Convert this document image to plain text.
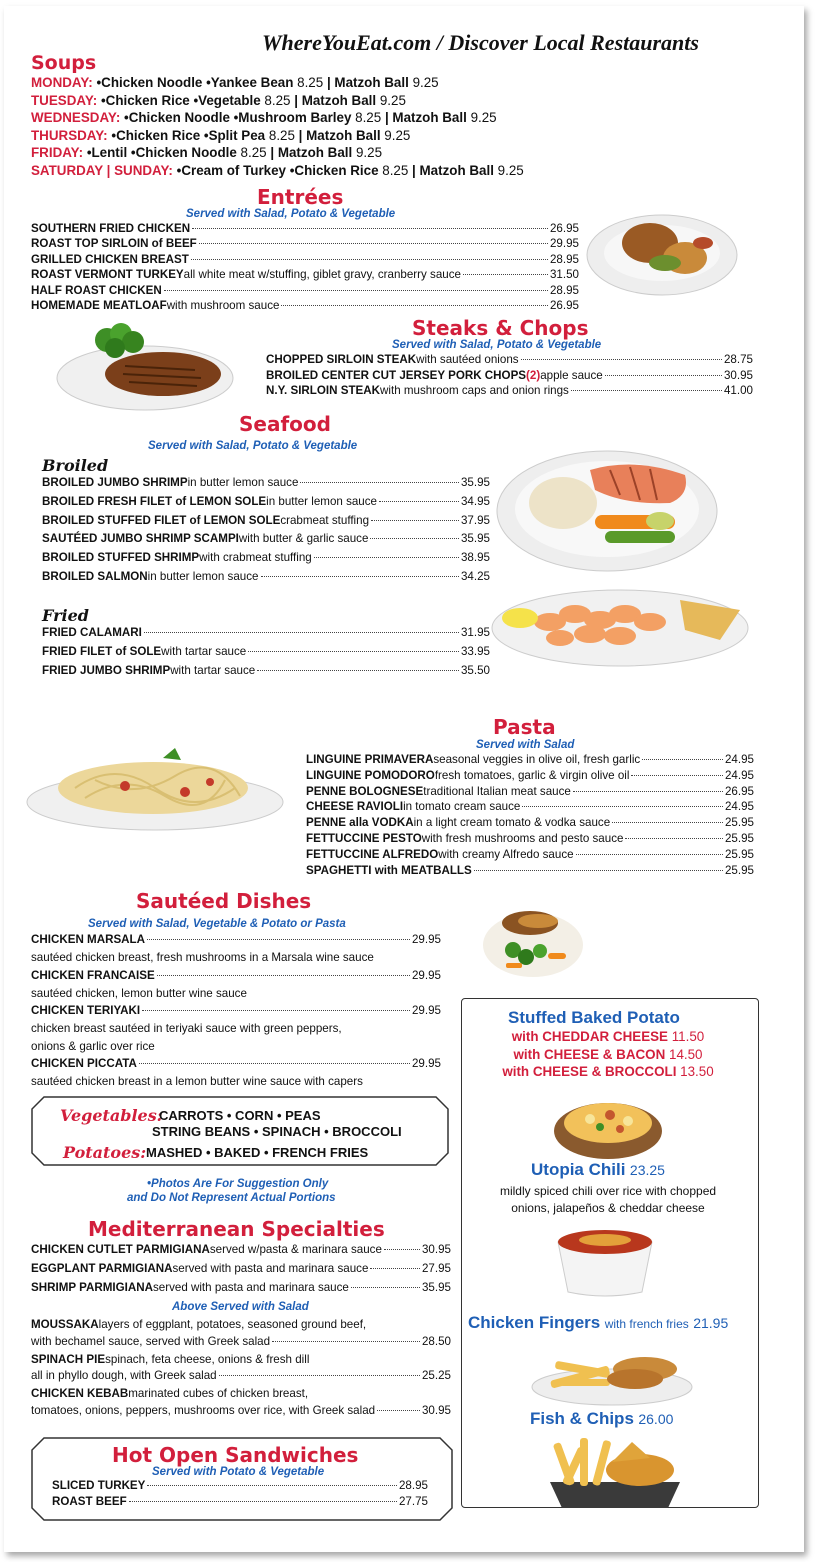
WhereYouEat.com / Discover Local Restaurants
Soups
MONDAY: •Chicken Noodle •Yankee Bean 8.25 | Matzoh Ball 9.25
TUESDAY: •Chicken Rice •Vegetable 8.25 | Matzoh Ball 9.25
WEDNESDAY: •Chicken Noodle •Mushroom Barley 8.25 | Matzoh Ball 9.25
THURSDAY: •Chicken Rice •Split Pea 8.25 | Matzoh Ball 9.25
FRIDAY: •Lentil •Chicken Noodle 8.25 | Matzoh Ball 9.25
SATURDAY | SUNDAY: •Cream of Turkey •Chicken Rice 8.25 | Matzoh Ball 9.25
Entrées
Served with Salad, Potato & Vegetable
SOUTHERN FRIED CHICKEN	26.95
ROAST TOP SIRLOIN of BEEF	29.95
GRILLED CHICKEN BREAST	28.95
ROAST VERMONT TURKEY all white meat w/stuffing, giblet gravy, cranberry sauce	31.50
HALF ROAST CHICKEN	28.95
HOMEMADE MEATLOAF with mushroom sauce	26.95
Steaks & Chops
Served with Salad, Potato & Vegetable
CHOPPED SIRLOIN STEAK with sautéed onions	28.75
BROILED CENTER CUT JERSEY PORK CHOPS (2) apple sauce	30.95
N.Y. SIRLOIN STEAK with mushroom caps and onion rings	41.00
Seafood
Served with Salad, Potato & Vegetable
Broiled
BROILED JUMBO SHRIMP in butter lemon sauce	35.95
BROILED FRESH FILET of LEMON SOLE in butter lemon sauce	34.95
BROILED STUFFED FILET of LEMON SOLE crabmeat stuffing	37.95
SAUTÉED JUMBO SHRIMP SCAMPI with butter & garlic sauce	35.95
BROILED STUFFED SHRIMP with crabmeat stuffing	38.95
BROILED SALMON in butter lemon sauce	34.25
Fried
FRIED CALAMARI	31.95
FRIED FILET of SOLE with tartar sauce	33.95
FRIED JUMBO SHRIMP with tartar sauce	35.50
Pasta
Served with Salad
LINGUINE PRIMAVERA seasonal veggies in olive oil, fresh garlic	24.95
LINGUINE POMODORO fresh tomatoes, garlic & virgin olive oil	24.95
PENNE BOLOGNESE traditional Italian meat sauce	26.95
CHEESE RAVIOLI in tomato cream sauce	24.95
PENNE alla VODKA in a light cream tomato & vodka sauce	25.95
FETTUCCINE PESTO with fresh mushrooms and pesto sauce	25.95
FETTUCCINE ALFREDO with creamy Alfredo sauce	25.95
SPAGHETTI with MEATBALLS	25.95
Sautéed Dishes
Served with Salad, Vegetable & Potato or Pasta
CHICKEN MARSALA	29.95
sautéed chicken breast, fresh mushrooms in a Marsala wine sauce
CHICKEN FRANCAISE	29.95
sautéed chicken, lemon butter wine sauce
CHICKEN TERIYAKI	29.95
chicken breast sautéed in teriyaki sauce with green peppers,
onions & garlic over rice
CHICKEN PICCATA	29.95
sautéed chicken breast in a lemon butter wine sauce with capers
Vegetables:
CARROTS • CORN • PEAS
STRING BEANS • SPINACH • BROCCOLI
Potatoes: MASHED • BAKED • FRENCH FRIES
•Photos Are For Suggestion Only
and Do Not Represent Actual Portions
Mediterranean Specialties
CHICKEN CUTLET PARMIGIANA served w/pasta & marinara sauce	30.95
EGGPLANT PARMIGIANA served with pasta and marinara sauce	27.95
SHRIMP PARMIGIANA served with pasta and marinara sauce	35.95
Above Served with Salad
MOUSSAKA layers of eggplant, potatoes, seasoned ground beef,
with bechamel sauce, served with Greek salad	28.50
SPINACH PIE spinach, feta cheese, onions & fresh dill
all in phyllo dough, with Greek salad	25.25
CHICKEN KEBAB marinated cubes of chicken breast,
tomatoes, onions, peppers, mushrooms over rice, with Greek salad	30.95
Hot Open Sandwiches
Served with Potato & Vegetable
SLICED TURKEY	28.95
ROAST BEEF	27.75
Stuffed Baked Potato
with CHEDDAR CHEESE 11.50
with CHEESE & BACON 14.50
with CHEESE & BROCCOLI 13.50
Utopia Chili 23.25
mildly spiced chili over rice with chopped
onions, jalapeños & cheddar cheese
Chicken Fingers with french fries 21.95
Fish & Chips 26.00
